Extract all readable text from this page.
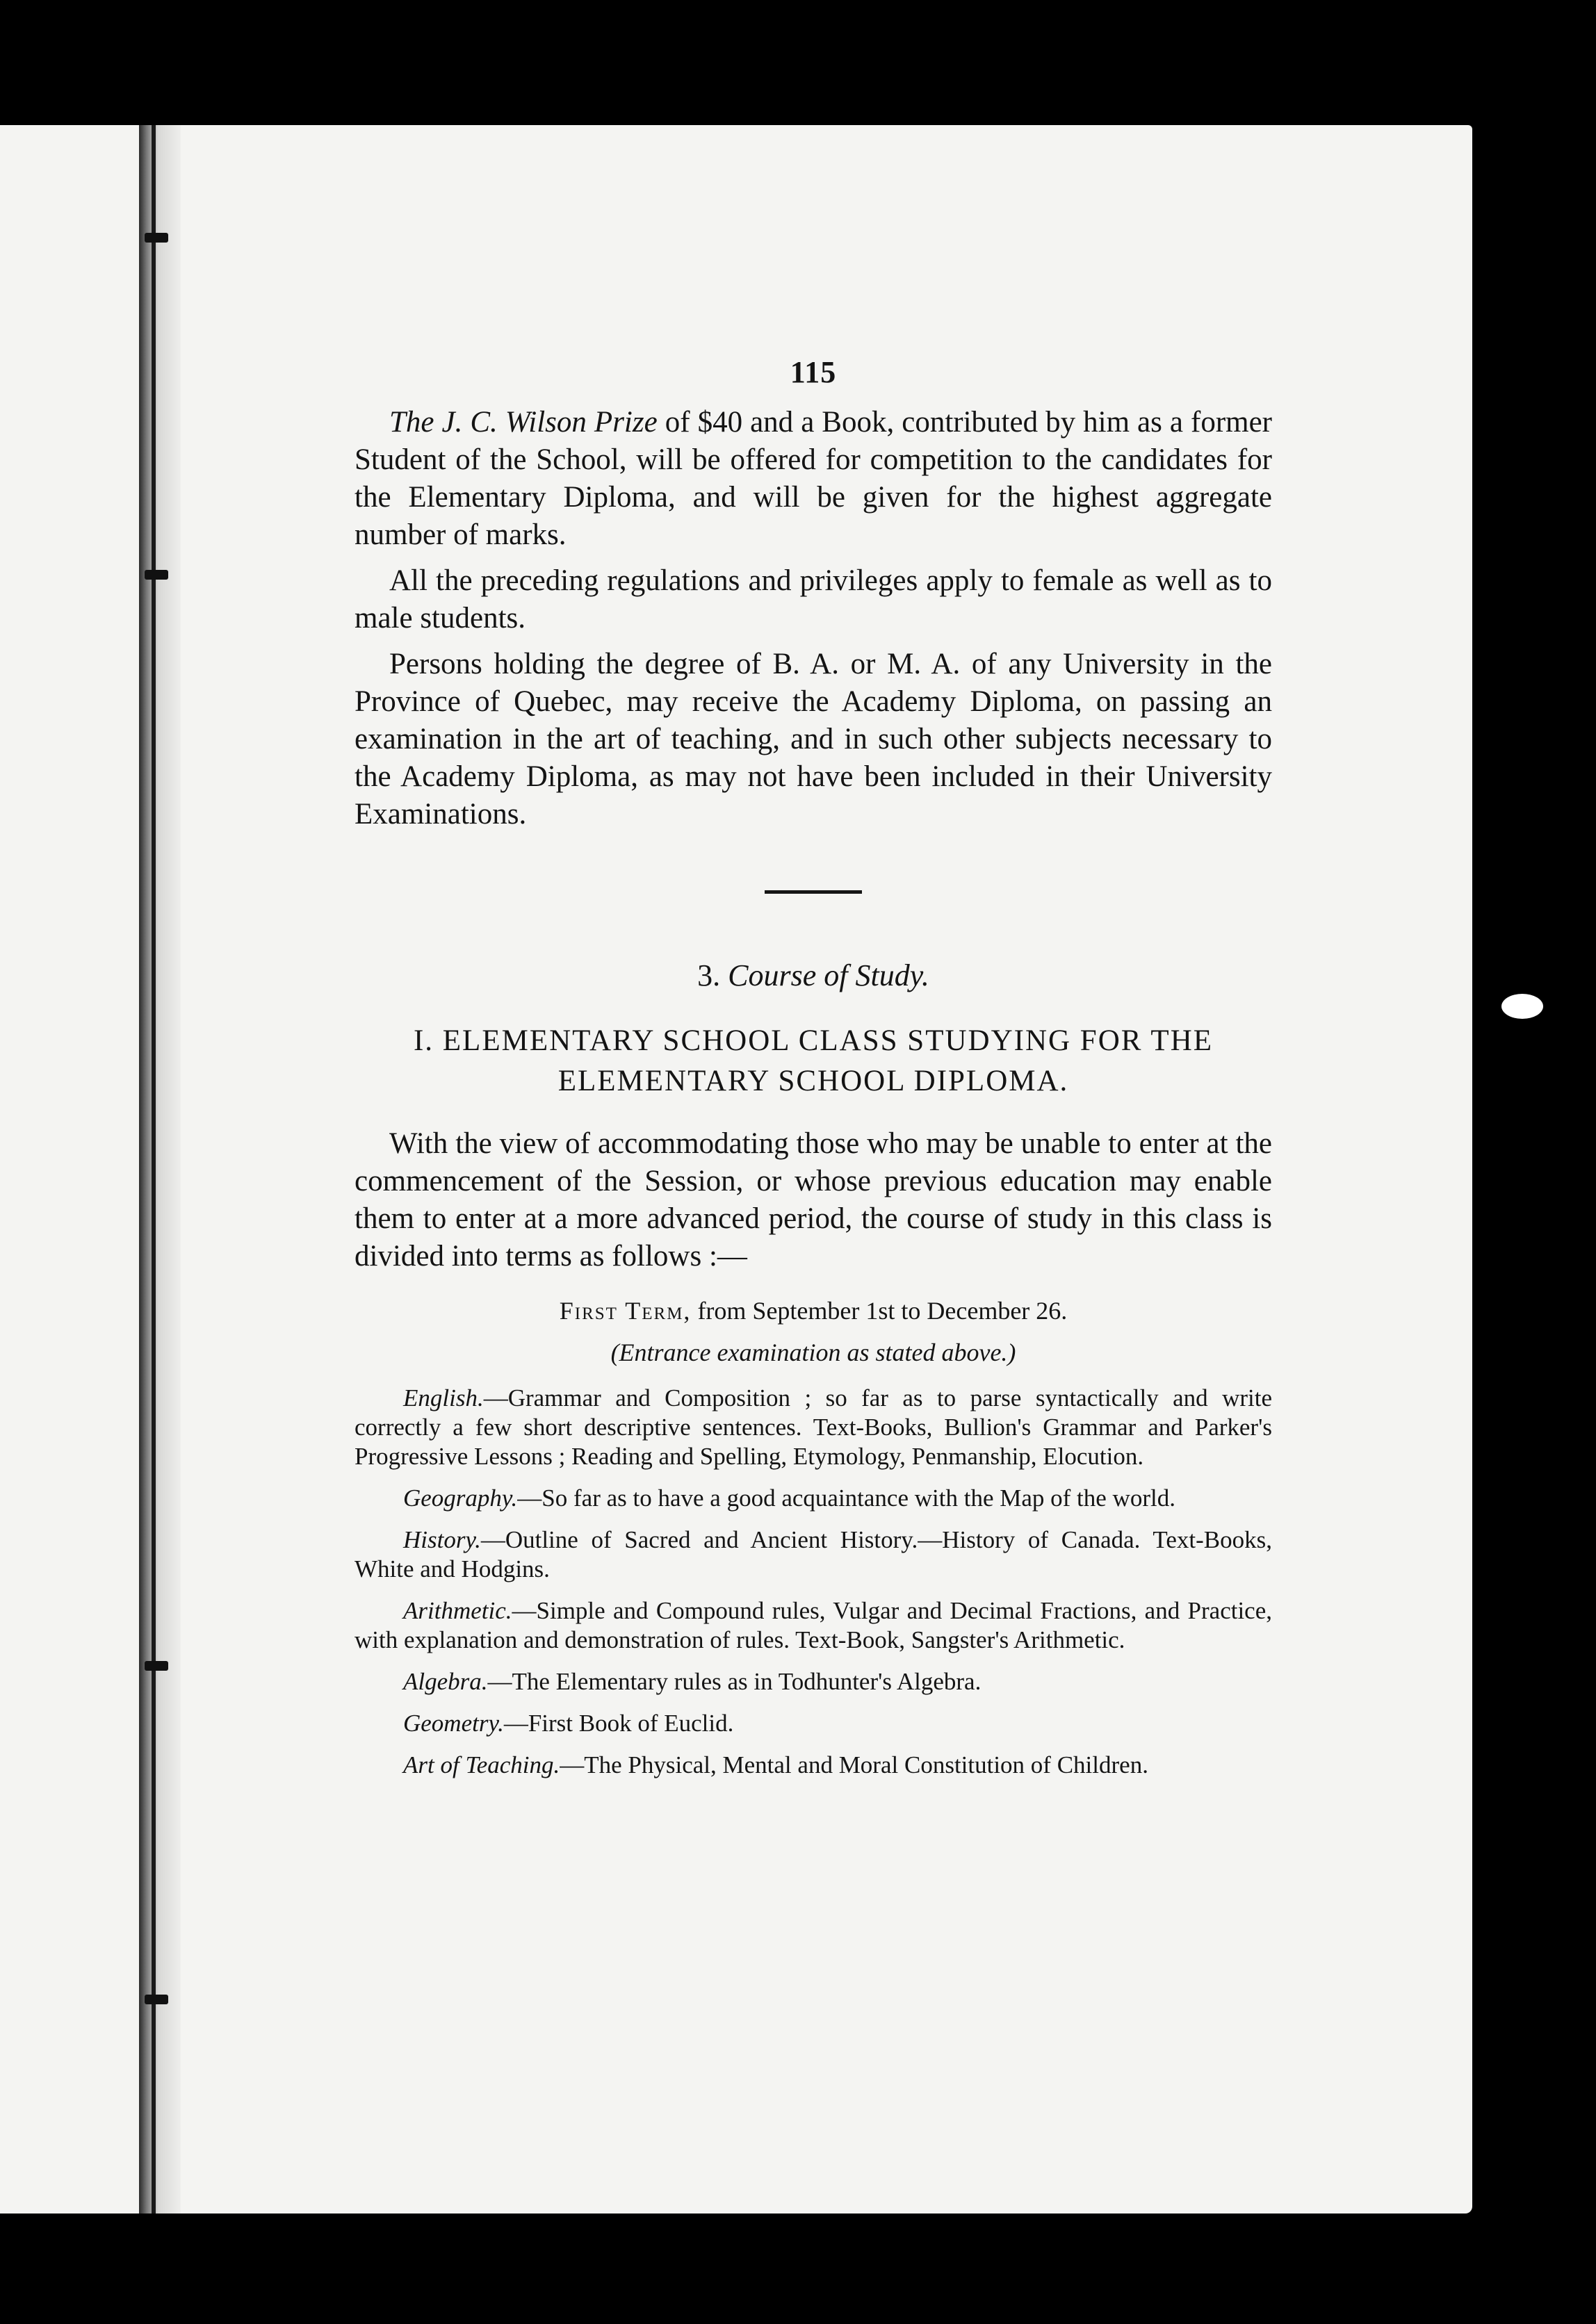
115

The J. C. Wilson Prize of $40 and a Book, contributed by him as a former Student of the School, will be offered for competition to the candidates for the Elementary Diploma, and will be given for the highest aggregate number of marks.

All the preceding regulations and privileges apply to female as well as to male students.

Persons holding the degree of B. A. or M. A. of any University in the Province of Quebec, may receive the Academy Diploma, on passing an examination in the art of teaching, and in such other subjects necessary to the Academy Diploma, as may not have been included in their University Examinations.

3. Course of Study.
I. ELEMENTARY SCHOOL CLASS STUDYING FOR THE
ELEMENTARY SCHOOL DIPLOMA.

With the view of accommodating those who may be unable to enter at the commencement of the Session, or whose previous education may enable them to enter at a more advanced period, the course of study in this class is divided into terms as follows :—

First Term, from September 1st to December 26.
(Entrance examination as stated above.)

English.—Grammar and Composition ; so far as to parse syntactically and write correctly a few short descriptive sentences. Text-Books, Bullion's Grammar and Parker's Progressive Lessons ; Reading and Spelling, Etymology, Penmanship, Elocution.

Geography.—So far as to have a good acquaintance with the Map of the world.

History.—Outline of Sacred and Ancient History.—History of Canada. Text-Books, White and Hodgins.

Arithmetic.—Simple and Compound rules, Vulgar and Decimal Fractions, and Practice, with explanation and demonstration of rules. Text-Book, Sangster's Arithmetic.

Algebra.—The Elementary rules as in Todhunter's Algebra.

Geometry.—First Book of Euclid.

Art of Teaching.—The Physical, Mental and Moral Constitution of Children.
